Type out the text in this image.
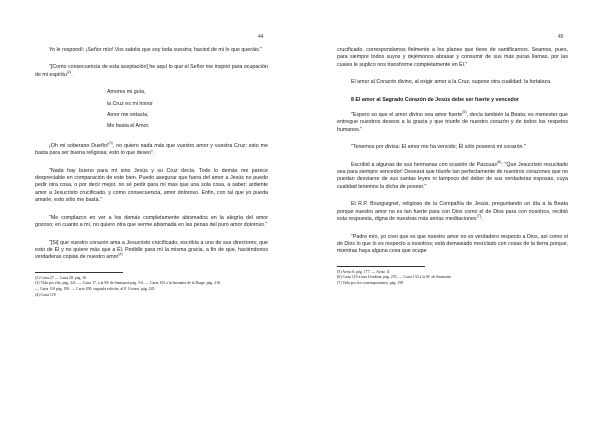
44

Yo le respondí: ¡Señor mío! Vos sabéis que soy toda vuestra; hacied de mi lo que queráis."

"[Como consecuencia de esta aceptación] he aquí lo que el Señor me inspiró para ocupación de mi espíritu$^{(2)}$.

Amores mi guía,
la Cruz es mi honor
Amor me extasía,
Me basta el Amor.

¡Oh mi soberano Dueño!$^{(3)}$, no quiero nada más que vuestro amor y vuestra Cruz; esto me basta para ser buena religiosa; esto lo que deseo".

"Nada hay bueno para mí sino Jesús y su Cruz decía. Todo lo demás me parece despreciable en comparación de este bien. Puedo asegurar que fuera del amor a Jesús no puedo pedir otra cosa, o por decir mejor, no sé pedir para mí más que una sola cosa, a saber: ardiente amor a Jesucristo crucificado, y como consecuencia, amor doloroso. Enfin, con tal que yo pueda amarle, esto sólo me basta."

"Me complazco en ver a los demás completamente abismados en la alegría del amor gozoso; en cuanto a mí, no quiero otra que verme abismada en las penas del puro amor doloroso."

"[Si] que vuestro corazón ama a Jesucristo crucificado, escribía a uno de sus directores; que esto de Él y no quiere más que a Él. Pedidle para mí la misma gracia, a fin de que, haciéndonos verdaderas copias de nuestro amor$^{(4)}$

(2) Carta 27 — Carta 28, pág. 56
(3) Vida por ella, pág. 321. — Carta 17, a la Mª de Saumaise pág. 5-6. — Carta 103 a la hermana de la Barge, pág. 218.
— Carta 110 pág. 190. — Carta 100, segunda edición, al P. Croiset, pág. 245.
(4) Carta 118
45

crucificado, correspondamos fielmente a los planes que tiene de santificarnos. Seamos, pues, para siempre todos suyos y dejémonos abrasar y consumir de sus más puras llamas, por las cuales le suplico nos transforme completamente en Él."

El amor al Corazón divino, al exigir amor a la Cruz, supone otra cualidad: la fortaleza.

8 El amor al Sagrado Corazón de Jesús debe ser fuerte y vencedor

"Espero so que el amor divino sea amor fuerte$^{(5)}$, decía también la Beata; es menester que entregue nuestros deseos a la gracia y que triunfe de nuestro corazón y de todos los respetos humanos."

"Tenemos por divisa: El amor me ha vencido; Él sólo poseerá mi corazón."

Escribió a algunas de sus hermanas con ocasión de Pascuas$^{(6)}$: "Que Jesucristo resucitado sea para siempre vencedor! Deseará que triunfe tan perfectamente de nuestros corazones que no puedan desviarse de sus santas leyes ni tampoco del deber de sus verdaderas esposas, cuya cualidad tenemos la dicha de poseer."

El R.P. Bourguignet, religioso de la Compañía de Jesús, preguntando un día a la Beata porque nuestro amor no es tan fuerte para con Dios como el de Dios para con nosotros, recibió esta respuesta, digna de nuestras más serias meditaciones$^{(7)}$:

"Padre mío, yo creo que es que nuestro amor no es verdadero respecto a Dios, así como el de Dios lo que lo es respecto a nosotros; está demasiado mezclado con cosas de la tierra porque, mientras haya alguna cosa que ocupe

(5) Aviso 6, pág. 177. — Aviso 11
(6) Carta 119 a una Ursulina, pág. 253. — Carta 133 a la M. de Saumaise
(7) Vida por los contemporáneos, pág. 199
